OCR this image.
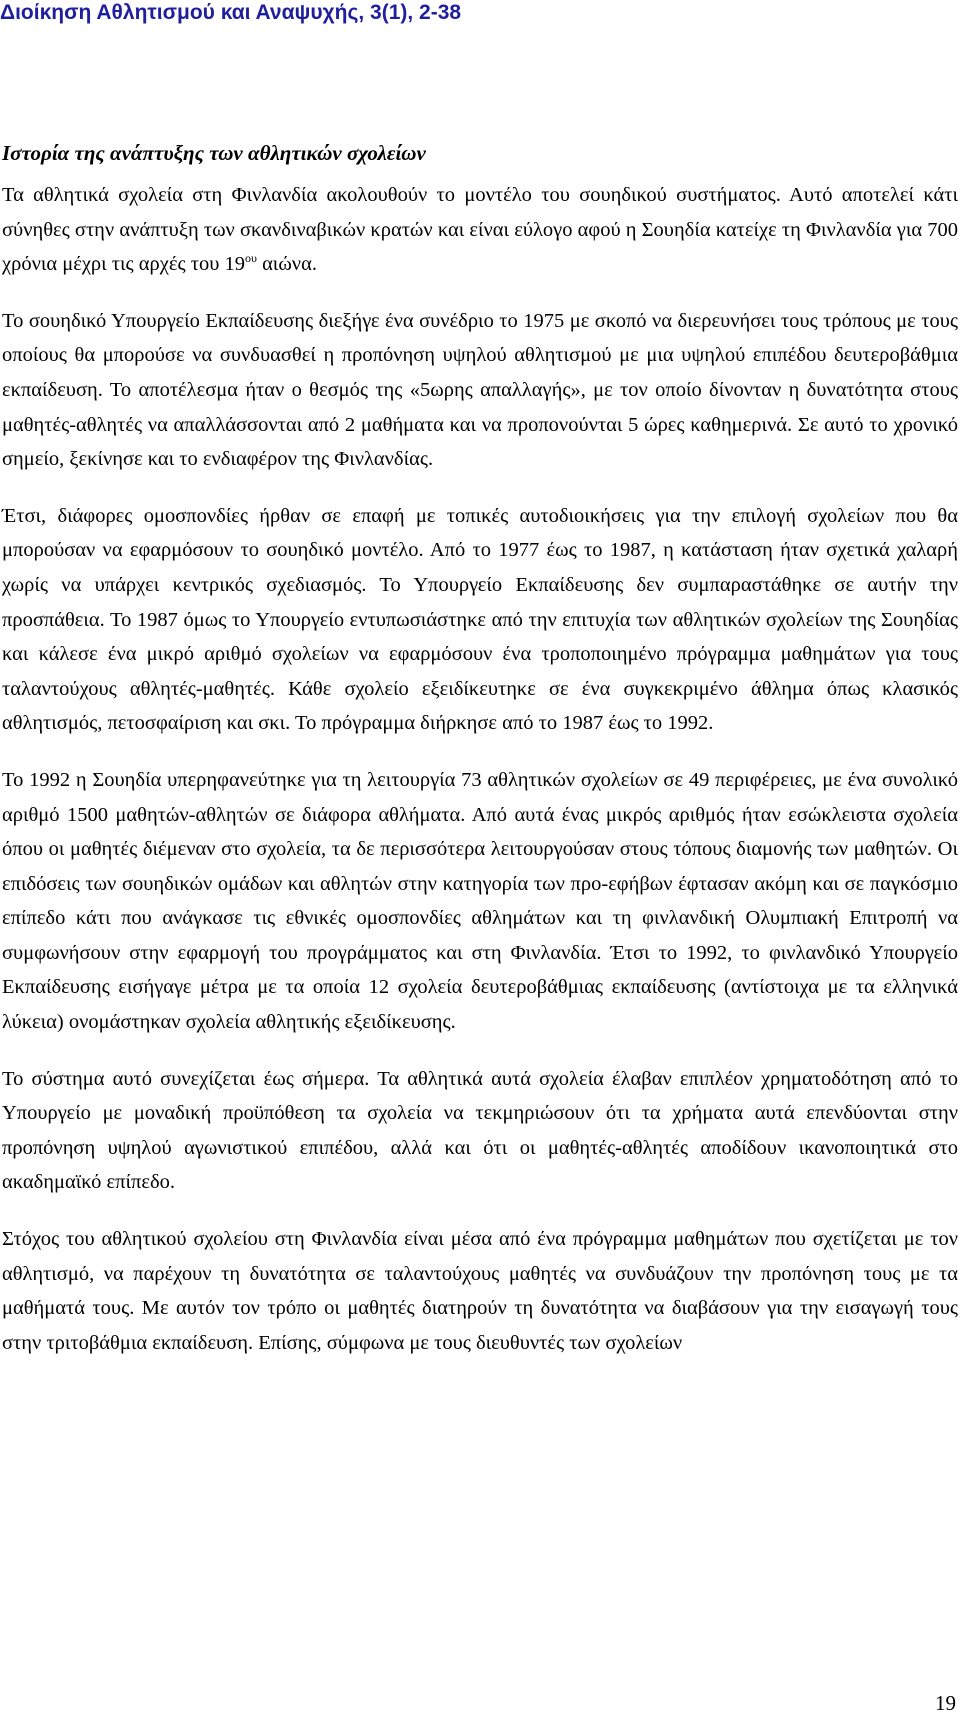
Διοίκηση Αθλητισμού και Αναψυχής, 3(1), 2-38
Ιστορία της ανάπτυξης των αθλητικών σχολείων

Τα αθλητικά σχολεία στη Φινλανδία ακολουθούν το μοντέλο του σουηδικού συστήματος. Αυτό αποτελεί κάτι σύνηθες στην ανάπτυξη των σκανδιναβικών κρατών και είναι εύλογο αφού η Σουηδία κατείχε τη Φινλανδία για 700 χρόνια μέχρι τις αρχές του $19^{o\upsilon}$ αιώνα.

Το σουηδικό Υπουργείο Εκπαίδευσης διεξήγε ένα συνέδριο το 1975 με σκοπό να διερευνήσει τους τρόπους με τους οποίους θα μπορούσε να συνδυασθεί η προπόνηση υψηλού αθλητισμού με μια υψηλού επιπέδου δευτεροβάθμια εκπαίδευση. Το αποτέλεσμα ήταν ο θεσμός της «5ωρης απαλλαγής», με τον οποίο δίνονταν η δυνατότητα στους μαθητές-αθλητές να απαλλάσσονται από 2 μαθήματα και να προπονούνται 5 ώρες καθημερινά. Σε αυτό το χρονικό σημείο, ξεκίνησε και το ενδιαφέρον της Φινλανδίας.

Έτσι, διάφορες ομοσπονδίες ήρθαν σε επαφή με τοπικές αυτοδιοικήσεις για την επιλογή σχολείων που θα μπορούσαν να εφαρμόσουν το σουηδικό μοντέλο. Από το 1977 έως το 1987, η κατάσταση ήταν σχετικά χαλαρή χωρίς να υπάρχει κεντρικός σχεδιασμός. Το Υπουργείο Εκπαίδευσης δεν συμπαραστάθηκε σε αυτήν την προσπάθεια. Το 1987 όμως το Υπουργείο εντυπωσιάστηκε από την επιτυχία των αθλητικών σχολείων της Σουηδίας και κάλεσε ένα μικρό αριθμό σχολείων να εφαρμόσουν ένα τροποποιημένο πρόγραμμα μαθημάτων για τους ταλαντούχους αθλητές-μαθητές. Κάθε σχολείο εξειδίκευτηκε σε ένα συγκεκριμένο άθλημα όπως κλασικός αθλητισμός, πετοσφαίριση και σκι. Το πρόγραμμα διήρκησε από το 1987 έως το 1992.

Το 1992 η Σουηδία υπερηφανεύτηκε για τη λειτουργία 73 αθλητικών σχολείων σε 49 περιφέρειες, με ένα συνολικό αριθμό 1500 μαθητών-αθλητών σε διάφορα αθλήματα. Από αυτά ένας μικρός αριθμός ήταν εσώκλειστα σχολεία όπου οι μαθητές διέμεναν στο σχολεία, τα δε περισσότερα λειτουργούσαν στους τόπους διαμονής των μαθητών. Οι επιδόσεις των σουηδικών ομάδων και αθλητών στην κατηγορία των προ-εφήβων έφτασαν ακόμη και σε παγκόσμιο επίπεδο κάτι που ανάγκασε τις εθνικές ομοσπονδίες αθλημάτων και τη φινλανδική Ολυμπιακή Επιτροπή να συμφωνήσουν στην εφαρμογή του προγράμματος και στη Φινλανδία. Έτσι το 1992, το φινλανδικό Υπουργείο Εκπαίδευσης εισήγαγε μέτρα με τα οποία 12 σχολεία δευτεροβάθμιας εκπαίδευσης (αντίστοιχα με τα ελληνικά λύκεια) ονομάστηκαν σχολεία αθλητικής εξειδίκευσης.

Το σύστημα αυτό συνεχίζεται έως σήμερα. Τα αθλητικά αυτά σχολεία έλαβαν επιπλέον χρηματοδότηση από το Υπουργείο με μοναδική προϋπόθεση τα σχολεία να τεκμηριώσουν ότι τα χρήματα αυτά επενδύονται στην προπόνηση υψηλού αγωνιστικού επιπέδου, αλλά και ότι οι μαθητές-αθλητές αποδίδουν ικανοποιητικά στο ακαδημαϊκό επίπεδο.

Στόχος του αθλητικού σχολείου στη Φινλανδία είναι μέσα από ένα πρόγραμμα μαθημάτων που σχετίζεται με τον αθλητισμό, να παρέχουν τη δυνατότητα σε ταλαντούχους μαθητές να συνδυάζουν την προπόνηση τους με τα μαθήματά τους. Με αυτόν τον τρόπο οι μαθητές διατηρούν τη δυνατότητα να διαβάσουν για την εισαγωγή τους στην τριτοβάθμια εκπαίδευση. Επίσης, σύμφωνα με τους διευθυντές των σχολείων

19
